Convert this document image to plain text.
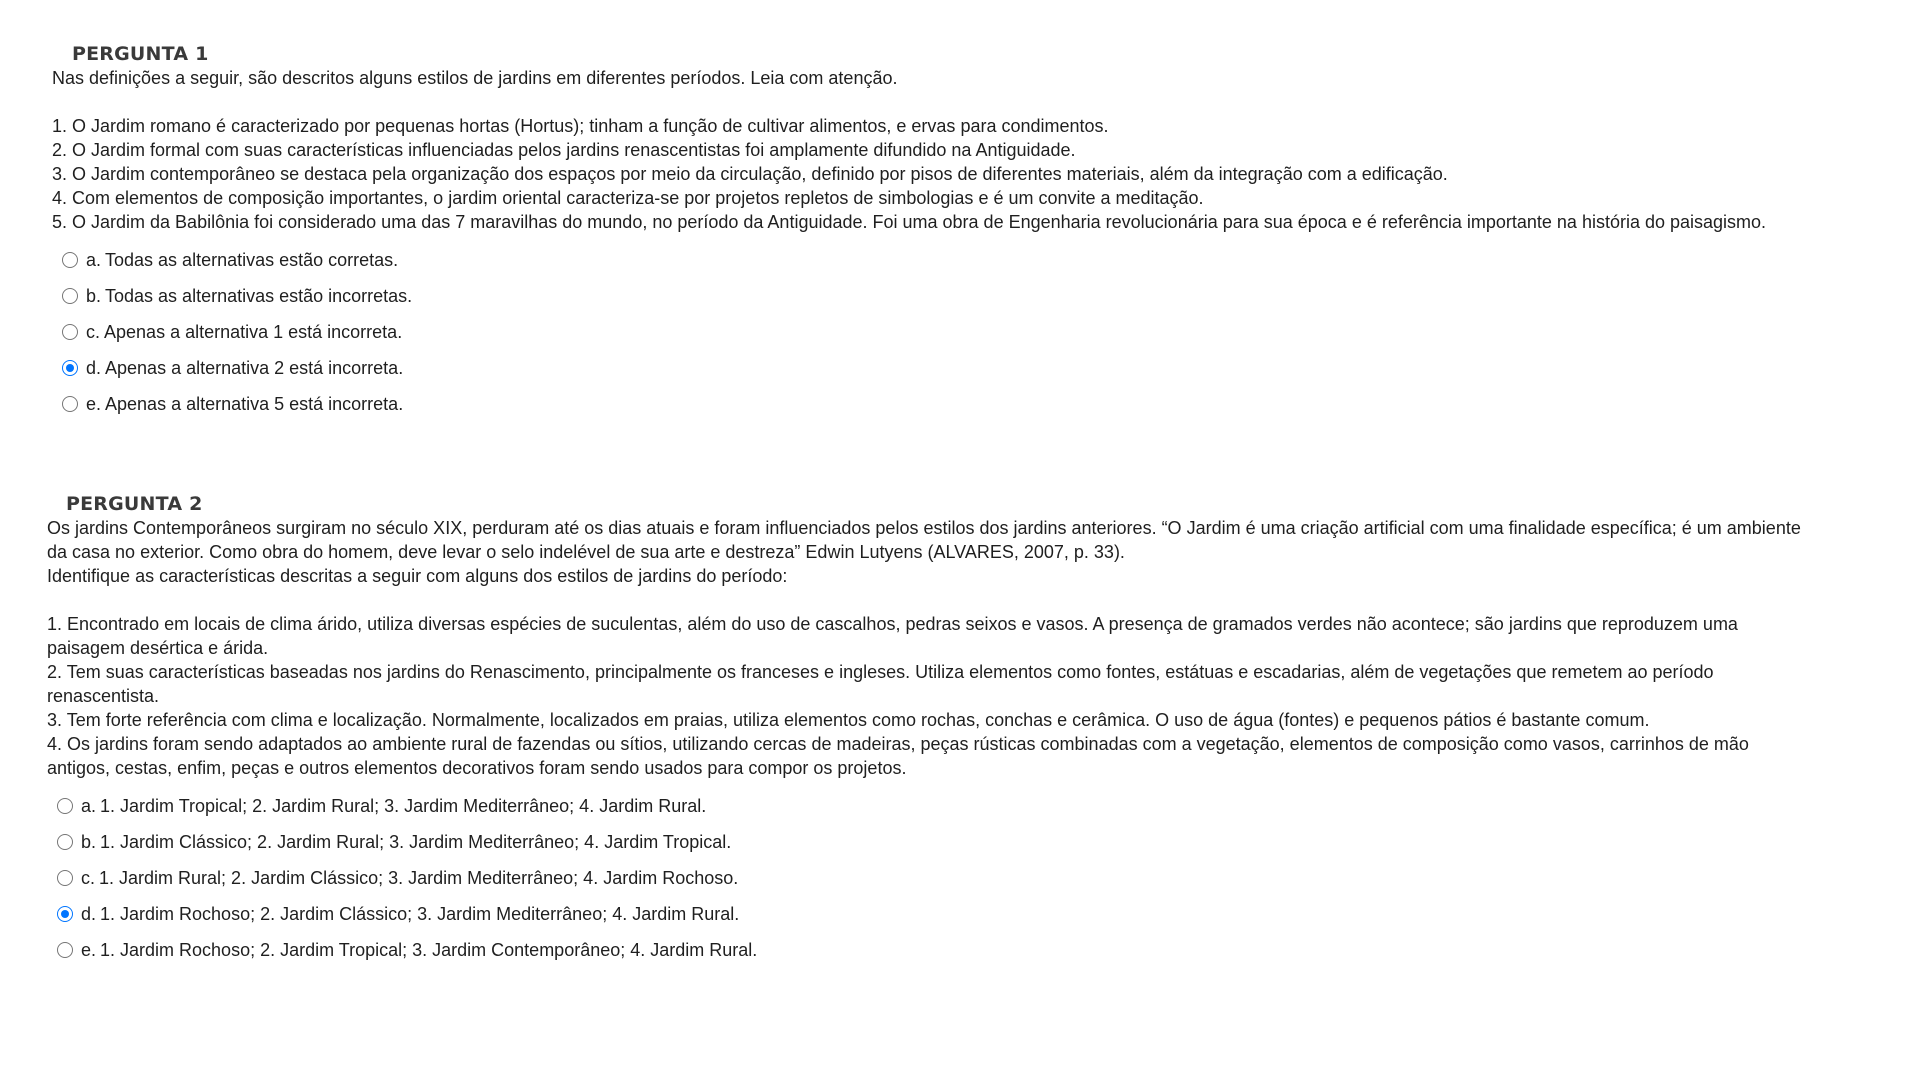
PERGUNTA 1

Nas definições a seguir, são descritos alguns estilos de jardins em diferentes períodos. Leia com atenção.

1. O Jardim romano é caracterizado por pequenas hortas (Hortus); tinham a função de cultivar alimentos, e ervas para condimentos.

2. O Jardim formal com suas características influenciadas pelos jardins renascentistas foi amplamente difundido na Antiguidade.

3. O Jardim contemporâneo se destaca pela organização dos espaços por meio da circulação, definido por pisos de diferentes materiais, além da integração com a edificação.

4. Com elementos de composição importantes, o jardim oriental caracteriza-se por projetos repletos de simbologias e é um convite a meditação.

5. O Jardim da Babilônia foi considerado uma das 7 maravilhas do mundo, no período da Antiguidade. Foi uma obra de Engenharia revolucionária para sua época e é referência importante na história do paisagismo.

a. Todas as alternativas estão corretas.
b. Todas as alternativas estão incorretas.
c. Apenas a alternativa 1 está incorreta.
d. Apenas a alternativa 2 está incorreta.
e. Apenas a alternativa 5 está incorreta.
PERGUNTA 2

Os jardins Contemporâneos surgiram no século XIX, perduram até os dias atuais e foram influenciados pelos estilos dos jardins anteriores. “O Jardim é uma criação artificial com uma finalidade específica; é um ambiente da casa no exterior. Como obra do homem, deve levar o selo indelével de sua arte e destreza” Edwin Lutyens (ALVARES, 2007, p. 33).

Identifique as características descritas a seguir com alguns dos estilos de jardins do período:

1. Encontrado em locais de clima árido, utiliza diversas espécies de suculentas, além do uso de cascalhos, pedras seixos e vasos. A presença de gramados verdes não acontece; são jardins que reproduzem uma paisagem desértica e árida.

2. Tem suas características baseadas nos jardins do Renascimento, principalmente os franceses e ingleses. Utiliza elementos como fontes, estátuas e escadarias, além de vegetações que remetem ao período renascentista.

3. Tem forte referência com clima e localização. Normalmente, localizados em praias, utiliza elementos como rochas, conchas e cerâmica. O uso de água (fontes) e pequenos pátios é bastante comum.

4. Os jardins foram sendo adaptados ao ambiente rural de fazendas ou sítios, utilizando cercas de madeiras, peças rústicas combinadas com a vegetação, elementos de composição como vasos, carrinhos de mão antigos, cestas, enfim, peças e outros elementos decorativos foram sendo usados para compor os projetos.

a. 1. Jardim Tropical; 2. Jardim Rural; 3. Jardim Mediterrâneo; 4. Jardim Rural.
b. 1. Jardim Clássico; 2. Jardim Rural; 3. Jardim Mediterrâneo; 4. Jardim Tropical.
c. 1. Jardim Rural; 2. Jardim Clássico; 3. Jardim Mediterrâneo; 4. Jardim Rochoso.
d. 1. Jardim Rochoso; 2. Jardim Clássico; 3. Jardim Mediterrâneo; 4. Jardim Rural.
e. 1. Jardim Rochoso; 2. Jardim Tropical; 3. Jardim Contemporâneo; 4. Jardim Rural.
